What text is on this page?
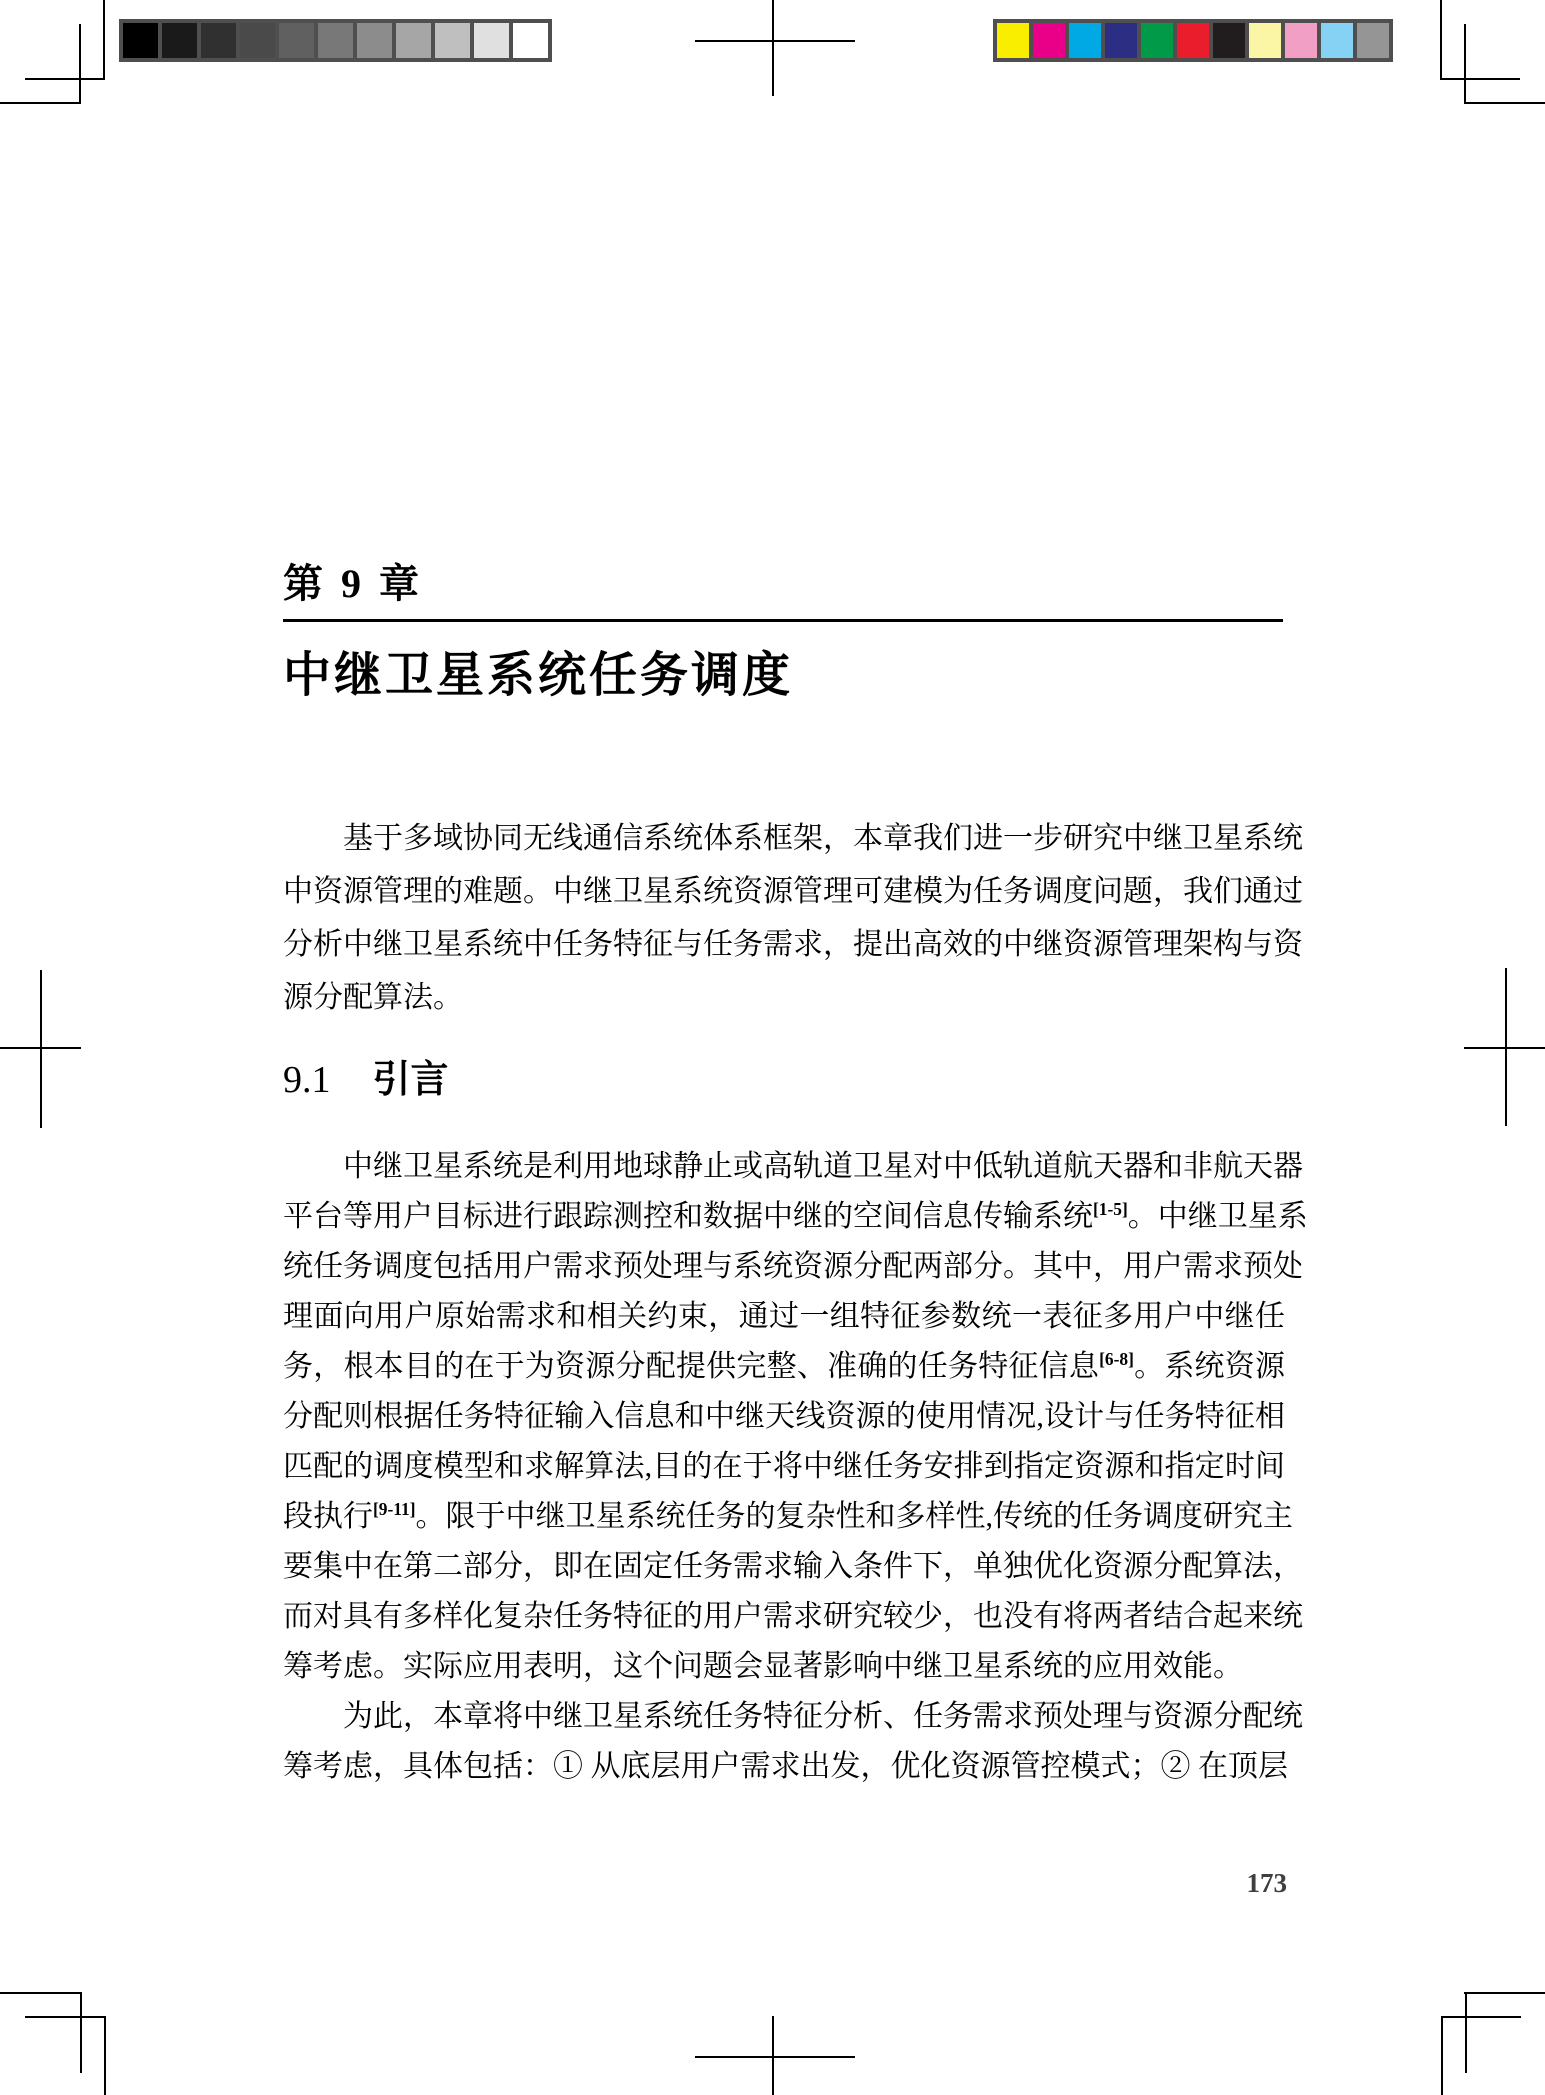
第 9 章
中继卫星系统任务调度
基于多域协同无线通信系统体系框架，本章我们进一步研究中继卫星系统
中资源管理的难题。中继卫星系统资源管理可建模为任务调度问题，我们通过
分析中继卫星系统中任务特征与任务需求，提出高效的中继资源管理架构与资
源分配算法。
9.1 引言
中继卫星系统是利用地球静止或高轨道卫星对中低轨道航天器和非航天器
平台等用户目标进行跟踪测控和数据中继的空间信息传输系统[1-5]。中继卫星系
统任务调度包括用户需求预处理与系统资源分配两部分。其中，用户需求预处
理面向用户原始需求和相关约束，通过一组特征参数统一表征多用户中继任
务，根本目的在于为资源分配提供完整、准确的任务特征信息[6-8]。系统资源
分配则根据任务特征输入信息和中继天线资源的使用情况,设计与任务特征相
匹配的调度模型和求解算法,目的在于将中继任务安排到指定资源和指定时间
段执行[9-11]。限于中继卫星系统任务的复杂性和多样性,传统的任务调度研究主
要集中在第二部分，即在固定任务需求输入条件下，单独优化资源分配算法，
而对具有多样化复杂任务特征的用户需求研究较少，也没有将两者结合起来统
筹考虑。实际应用表明，这个问题会显著影响中继卫星系统的应用效能。
为此，本章将中继卫星系统任务特征分析、任务需求预处理与资源分配统
筹考虑，具体包括：① 从底层用户需求出发，优化资源管控模式；② 在顶层
173
